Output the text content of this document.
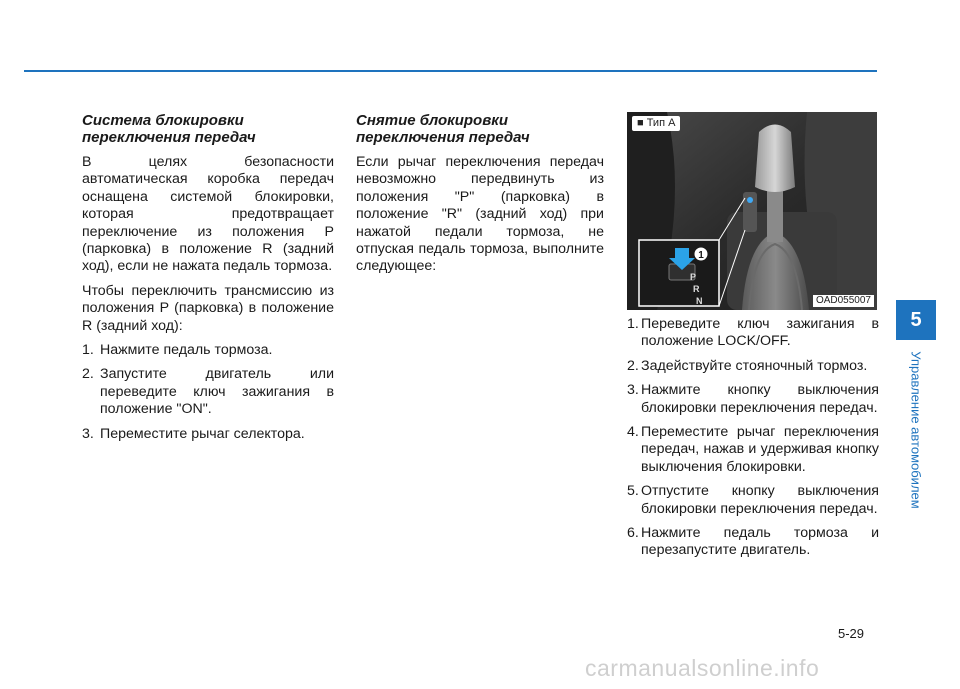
Система блокировки переключения передач

В целях безопасности автоматическая коробка передач оснащена системой блокировки, которая предотвращает переключение из положения P (парковка) в положение R (задний ход), если не нажата педаль тормоза.

Чтобы переключить трансмиссию из положения P (парковка) в положение R (задний ход):

1. Нажмите педаль тормоза.
2. Запустите двигатель или переведите ключ зажигания в положение "ON".
3. Переместите рычаг селектора.
Снятие блокировки переключения передач

Если рычаг переключения передач невозможно передвинуть из положения "P" (парковка) в положение "R" (задний ход) при нажатой педали тормоза, не отпуская педаль тормоза, выполните следующее:

1
P
R
N
■ Тип A
OAD055007
1. Переведите ключ зажигания в положение LOCK/OFF.
2. Задействуйте стояночный тормоз.
3. Нажмите кнопку выключения блокировки переключения передач.
4. Переместите рычаг переключения передач, нажав и удерживая кнопку выключения блокировки.
5. Отпустите кнопку выключения блокировки переключения передач.
6. Нажмите педаль тормоза и перезапустите двигатель.
5
Управление автомобилем
5-29
carmanualsonline.info
